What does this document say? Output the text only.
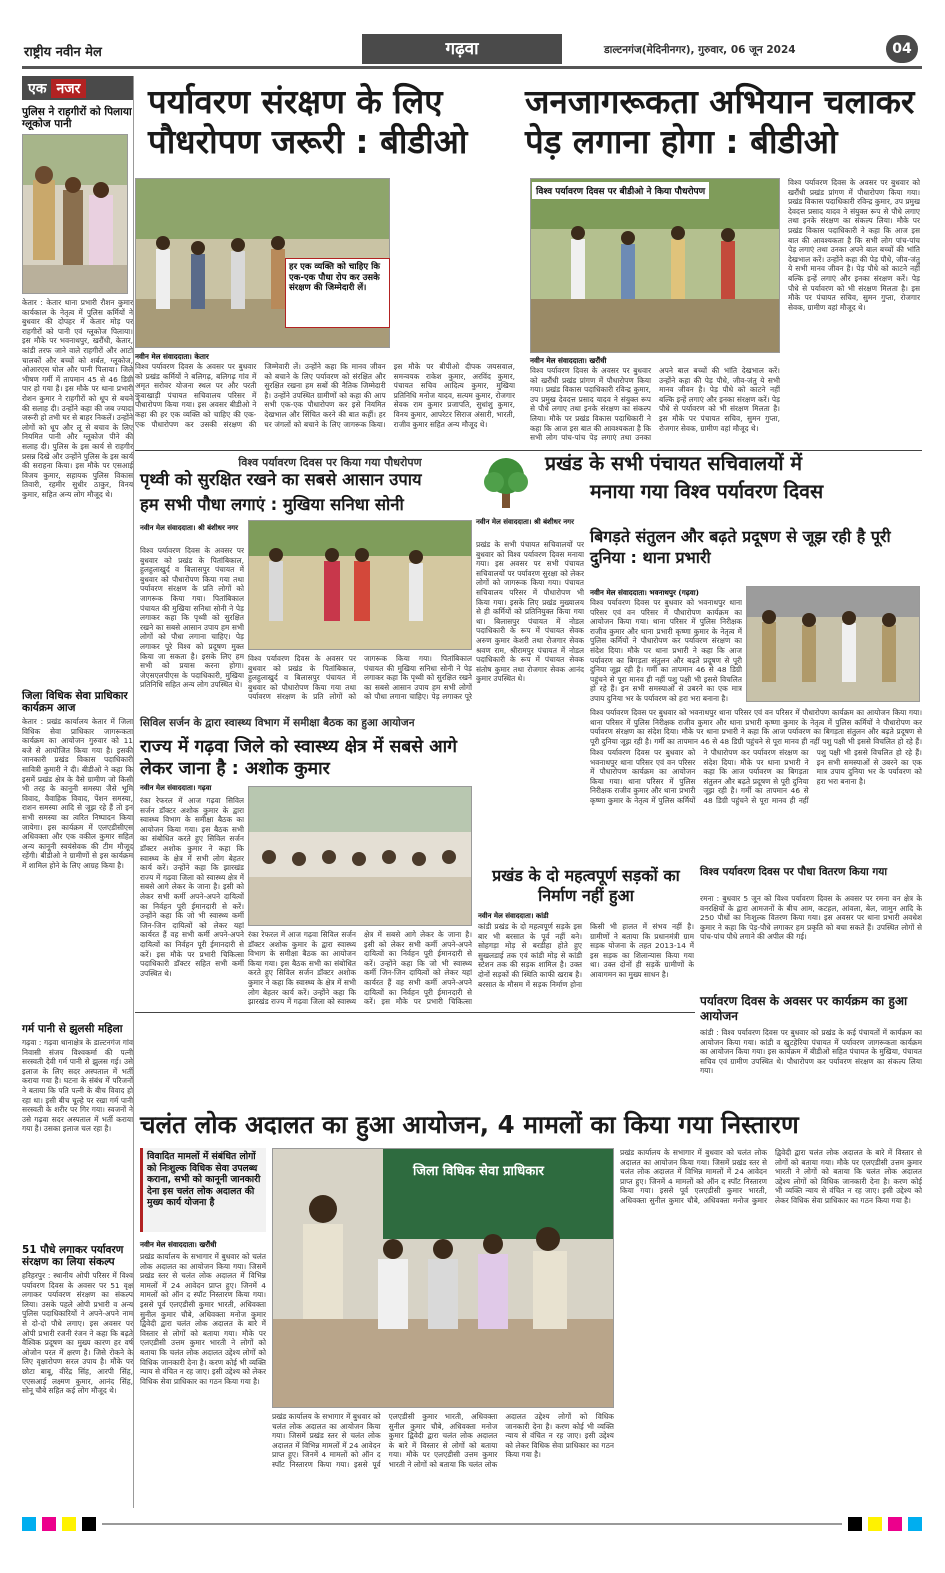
राष्ट्रीय नवीन मेल	गढ़वा	डाल्टनगंज(मेदिनीनगर), गुरुवार, 06 जून 2024	04
एक नजर
पुलिस ने राहगीरों को पिलाया ग्लूकोज पानी
केतार : केतार थाना प्रभारी रौशन कुमार कार्यकाल के नेतृत्व में पुलिस कर्मियों ने बुधवार की दोपहर में केतार मोड़ पर राहगीरों को पानी एवं ग्लूकोज पिलाया। इस मौके पर भवनाथपुर, खरौंधी, केतार, कांडी तरफ जाने वाले राहगीरों और आटो चालकों और बच्चों को शर्बत, ग्लूकोज, ओआरएस घोल और पानी पिलाया। जिले भीषण गर्मी में तापमान 45 से 46 डिग्री पार हो गया है। इस मौके पर थाना प्रभारी रोशन कुमार ने राहगीरों को धूप से बचने की सलाह दी। उन्होंने कहा की जब ज्यादा जरूरी हो तभी घर से बाहर निकलें। उन्होंने लोगों को धूप और लू से बचाव के लिए नियमित पानी और ग्लूकोज पीने की सलाह दी। पुलिस के इस कार्य से राहगीर प्रसन्न दिखे और उन्होंने पुलिस के इस कार्य की सराहना किया। इस मौके पर एसआई विजय कुमार, सहायक पुलिस विकास तिवारी, रहमीर सुधीर ठाकुर, विनय कुमार, सहित अन्य लोग मौजूद थे।
जिला विधिक सेवा प्राधिकार कार्यक्रम आज
केतार : प्रखंड कार्यालय केतार में जिला विधिक सेवा प्राधिकार जागरूकता कार्यक्रम का आयोजन गुरुवार को 11 बजे से आयोजित किया गया है। इसकी जानकारी प्रखंड विकास पदाधिकारी सावित्री कुमारी ने दी। बीडीओ ने कहा कि इसमें प्रखंड क्षेत्र के वैसे ग्रामीण जो किसी भी तरह के कानूनी समस्या जैसे भूमि विवाद, वैवाहिक विवाद, पेंशन समस्या, राशन समस्या आदि से जूझ रहे हैं तो इन सभी समस्या का त्वरित निष्पादन किया जायेगा। इस कार्यक्रम में एलएडीसीएस अधिवक्ता और एक वकील कुमार सहित अन्य कानूनी स्वयंसेवक की टीम मौजूद रहेंगी। बीडीओ ने ग्रामीणों से इस कार्यक्रम में शामिल होने के लिए आग्रह किया है।
गर्म पानी से झुलसी महिला
गढ़वा : गढ़वा थानाक्षेत्र के डाल्टनगंज गांव निवासी संजय विश्वकर्मा की पत्नी सरस्वती देवी गर्म पानी से झुलस गई। उसे इलाज के लिए सदर अस्पताल में भर्ती कराया गया है। घटना के संबंध में परिजनों ने बताया कि पति पत्नी के बीच विवाद हो रहा था। इसी बीच चूल्हे पर रखा गर्म पानी सरस्वती के शरीर पर गिर गया। स्वजनों ने उसे गढ़वा सदर अस्पताल में भर्ती कराया गया है। उसका इलाज चल रहा है।
51 पौधे लगाकर पर्यावरण संरक्षण का लिया संकल्प
हरिहरपुर : स्थानीय ओपी परिसर में विश्व पर्यावरण दिवस के अवसर पर 51 वृक्ष लगाकर पर्यावरण संरक्षण का संकल्प लिया। उसके पहले ओपी प्रभारी व अन्य पुलिस पदाधिकारियों ने अपने-अपने नाम से दो-दो पौधे लगाए। इस अवसर पर ओपी प्रभारी रजनी रंजन ने कहा कि बढ़ते वैश्विक प्रदूषण का मुख्य कारण हर वर्ष ओजोन परत में क्षरण है। जिसे रोकने के लिए वृक्षारोपण सरल उपाय है। मौके पर छोटा बाबू, वीरेंद्र सिंह, आरपी सिंह, एएसआई लक्ष्मण कुमार, आनंद सिंह, सोनू चौबे सहित कई लोग मौजूद थे।
पर्यावरण संरक्षण के लिए पौधरोपण जरूरी : बीडीओ
हर एक व्यक्ति को चाहिए कि एक-एक पौधा रोप कर उसके संरक्षण की जिम्मेदारी लें।
नवीन मेल संवाददाता। केतार
विश्व पर्यावरण दिवस के अवसर पर बुधवार को प्रखंड कर्मियों ने बलिगढ़, बलिगढ़ गांव में अमृत सरोवर योजना स्थल पर और परती कुवाखाड़ी पंचायत सचिवालय परिसर में पौधारोपण किया गया। इस अवसर बीडीओ ने कहा की हर एक व्यक्ति को चाहिए की एक-एक पौधारोपण कर उसकी संरक्षण की जिम्मेवारी लें। उन्होंने कहा कि मानव जीवन को बचाने के लिए पर्यावरण को संरक्षित और सुरक्षित रखना हम सबों की नैतिक जिम्मेदारी है। उन्होंने उपस्थित ग्रामीणों को कहा की आप सभी एक-एक पौधारोपण कर इसे नियमित देखभाल और सिंचित करने की बात कहीं। हर घर जंगलों को बचाने के लिए जागरूक किया। इस मौके पर बीपीओ दीपक जयसवाल, समन्वयक राकेश कुमार, अरविंद कुमार, पंचायत सचिव आदित्य कुमार, मुखिया प्रतिनिधि मनोज यादव, सत्यम कुमार, रोजगार सेवक राम कुमार प्रजापति, सुधांशु कुमार, विनय कुमार, आपरेटर सिराज अंसारी, भारती, राजीव कुमार सहित अन्य मौजूद थे।
जनजागरूकता अभियान चलाकर पेड़ लगाना होगा : बीडीओ
विश्व पर्यावरण दिवस पर बीडीओ ने किया पौधरोपण
नवीन मेल संवाददाता। खरौंधी
विश्व पर्यावरण दिवस के अवसर पर बुधवार को खरौंधी प्रखंड प्रांगण में पौधारोपण किया गया। प्रखंड विकास पदाधिकारी रविन्द्र कुमार, उप प्रमुख देवदत्त प्रसाद यादव ने संयुक्त रूप से पौधे लगाए तथा इनके संरक्षण का संकल्प लिया। मौके पर प्रखंड विकास पदाधिकारी ने कहा कि आज इस बात की आवश्यकता है कि सभी लोग पांच-पांच पेड़ लगाएं तथा उनका अपने बाल बच्चों की भांति देखभाल करें। उन्होंने कहा की पेड़ पौधे, जीव-जंतु ये सभी मानव जीवन है। पेड़ पौधे को काटने नहीं बल्कि इन्हें लगाएं और इनका संरक्षण करें। पेड़ पौधे से पर्यावरण को भी संरक्षण मिलता है। इस मौके पर पंचायत सचिव, सुमन गुप्ता, रोजगार सेवक, ग्रामीण वहां मौजूद थे।
विश्व पर्यावरण दिवस के अवसर पर बुधवार को खरौंधी प्रखंड प्रांगण में पौधारोपण किया गया। प्रखंड विकास पदाधिकारी रविन्द्र कुमार, उप प्रमुख देवदत्त प्रसाद यादव ने संयुक्त रूप से पौधे लगाए तथा इनके संरक्षण का संकल्प लिया। मौके पर प्रखंड विकास पदाधिकारी ने कहा कि आज इस बात की आवश्यकता है कि सभी लोग पांच-पांच पेड़ लगाएं तथा उनका अपने बाल बच्चों की भांति देखभाल करें। उन्होंने कहा की पेड़ पौधे, जीव-जंतु ये सभी मानव जीवन है। पेड़ पौधे को काटने नहीं बल्कि इन्हें लगाएं और इनका संरक्षण करें। पेड़ पौधे से पर्यावरण को भी संरक्षण मिलता है। इस मौके पर पंचायत सचिव, सुमन गुप्ता, रोजगार सेवक, ग्रामीण वहां मौजूद थे।
विश्व पर्यावरण दिवस पर किया गया पौधरोपण
पृथ्वी को सुरक्षित रखने का सबसे आसान उपाय
हम सभी पौधा लगाएं : मुखिया सनिधा सोनी
नवीन मेल संवाददाता। श्री बंशीधर नगर
विश्व पर्यावरण दिवस के अवसर पर बुधवार को प्रखंड के पितांबिकाल, हुलहुलाखुर्द व बिलासपुर पंचायत में बुधवार को पौधारोपण किया गया तथा पर्यावरण संरक्षण के प्रति लोगों को जागरूक किया गया। पितांबिकाल पंचायत की मुखिया सनिधा सोनी ने पेड़ लगाकर कहा कि पृथ्वी को सुरक्षित रखने का सबसे आसान उपाय हम सभी लोगों को पौधा लगाना चाहिए। पेड़ लगाकर पूरे विश्व को प्रदूषण मुक्त किया जा सकता है। इसके लिए हम सभी को प्रयास करना होगा। जेएसएलपीएस के पदाधिकारी, मुखिया प्रतिनिधि सहित अन्य लोग उपस्थित थे।
विश्व पर्यावरण दिवस के अवसर पर बुधवार को प्रखंड के पितांबिकाल, हुलहुलाखुर्द व बिलासपुर पंचायत में बुधवार को पौधारोपण किया गया तथा पर्यावरण संरक्षण के प्रति लोगों को जागरूक किया गया। पितांबिकाल पंचायत की मुखिया सनिधा सोनी ने पेड़ लगाकर कहा कि पृथ्वी को सुरक्षित रखने का सबसे आसान उपाय हम सभी लोगों को पौधा लगाना चाहिए। पेड़ लगाकर पूरे
प्रखंड के सभी पंचायत सचिवालयों में
मनाया गया विश्व पर्यावरण दिवस
नवीन मेल संवाददाता। श्री बंशीधर नगर
प्रखंड के सभी पंचायत सचिवालयों पर बुधवार को विश्व पर्यावरण दिवस मनाया गया। इस अवसर पर सभी पंचायत सचिवालयों पर पर्यावरण सुरक्षा को लेकर लोगों को जागरूक किया गया। पंचायत सचिवालय परिसर में पौधारोपण भी किया गया। इसके लिए प्रखंड मुख्यालय से ही कर्मियों को प्रतिनियुक्त किया गया था। बिलासपुर पंचायत में नोडल पदाधिकारी के रूप में पंचायत सेवक अरुण कुमार केशरी तथा रोजगार सेवक श्रवण राम, श्रीरामपुर पंचायत में नोडल पदाधिकारी के रूप में पंचायत सेवक संतोष कुमार तथा रोजगार सेवक आनंद कुमार उपस्थित थे।
बिगड़ते संतुलन और बढ़ते प्रदूषण से जूझ रही है पूरी दुनिया : थाना प्रभारी
नवीन मेल संवाददाता। भवनाथपुर (गढ़वा)
विश्व पर्यावरण दिवस पर बुधवार को भवनाथपुर थाना परिसर एवं वन परिसर में पौधारोपण कार्यक्रम का आयोजन किया गया। थाना परिसर में पुलिस निरीक्षक राजीव कुमार और थाना प्रभारी कृष्णा कुमार के नेतृत्व में पुलिस कर्मियों ने पौधारोपण कर पर्यावरण संरक्षण का संदेश दिया। मौके पर थाना प्रभारी ने कहा कि आज पर्यावरण का बिगड़ता संतुलन और बढ़ते प्रदूषण से पूरी दुनिया जूझ रही है। गर्मी का तापमान 46 से 48 डिग्री पहुंचने से पूरा मानव ही नहीं पशु पक्षी भी इससे विचलित हो रहे हैं। इन सभी समस्याओं से उबरने का एक मात्र उपाय दुनिया भर के पर्यावरण को हरा भरा बनाना है।
विश्व पर्यावरण दिवस पर बुधवार को भवनाथपुर थाना परिसर एवं वन परिसर में पौधारोपण कार्यक्रम का आयोजन किया गया। थाना परिसर में पुलिस निरीक्षक राजीव कुमार और थाना प्रभारी कृष्णा कुमार के नेतृत्व में पुलिस कर्मियों ने पौधारोपण कर पर्यावरण संरक्षण का संदेश दिया। मौके पर थाना प्रभारी ने कहा कि आज पर्यावरण का बिगड़ता संतुलन और बढ़ते प्रदूषण से पूरी दुनिया जूझ रही है। गर्मी का तापमान 46 से 48 डिग्री पहुंचने से पूरा मानव ही नहीं पशु पक्षी भी इससे विचलित हो रहे हैं।
विश्व पर्यावरण दिवस पर बुधवार को भवनाथपुर थाना परिसर एवं वन परिसर में पौधारोपण कार्यक्रम का आयोजन किया गया। थाना परिसर में पुलिस निरीक्षक राजीव कुमार और थाना प्रभारी कृष्णा कुमार के नेतृत्व में पुलिस कर्मियों ने पौधारोपण कर पर्यावरण संरक्षण का संदेश दिया। मौके पर थाना प्रभारी ने कहा कि आज पर्यावरण का बिगड़ता संतुलन और बढ़ते प्रदूषण से पूरी दुनिया जूझ रही है। गर्मी का तापमान 46 से 48 डिग्री पहुंचने से पूरा मानव ही नहीं पशु पक्षी भी इससे विचलित हो रहे हैं। इन सभी समस्याओं से उबरने का एक मात्र उपाय दुनिया भर के पर्यावरण को हरा भरा बनाना है।
सिविल सर्जन के द्वारा स्वास्थ्य विभाग में समीक्षा बैठक का हुआ आयोजन
राज्य में गढ़वा जिले को स्वास्थ्य क्षेत्र में सबसे आगे लेकर जाना है : अशोक कुमार
नवीन मेल संवाददाता। गढ़वा
रंका रेफरल में आज गढ़वा सिविल सर्जन डॉक्टर अशोक कुमार के द्वारा स्वास्थ्य विभाग के समीक्षा बैठक का आयोजन किया गया। इस बैठक सभी का संबोधित करते हुए सिविल सर्जन डॉक्टर अशोक कुमार ने कहा कि स्वास्थ्य के क्षेत्र में सभी लोग बेहतर कार्य करें। उन्होंने कहा कि झारखंड राज्य में गढ़वा जिला को स्वास्थ्य क्षेत्र में सबसे आगे लेकर के जाना है। इसी को लेकर सभी कर्मी अपने-अपने दायित्वों का निर्वहन पूरी ईमानदारी से करें। उन्होंने कहा कि जो भी स्वास्थ्य कर्मी जिन-जिन दायित्वों को लेकर यहां कार्यरत हैं वह सभी कर्मी अपने-अपने दायित्वों का निर्वहन पूरी ईमानदारी से करें। इस मौके पर प्रभारी चिकित्सा पदाधिकारी डॉक्टर सहित सभी कर्मी उपस्थित थे।
रंका रेफरल में आज गढ़वा सिविल सर्जन डॉक्टर अशोक कुमार के द्वारा स्वास्थ्य विभाग के समीक्षा बैठक का आयोजन किया गया। इस बैठक सभी का संबोधित करते हुए सिविल सर्जन डॉक्टर अशोक कुमार ने कहा कि स्वास्थ्य के क्षेत्र में सभी लोग बेहतर कार्य करें। उन्होंने कहा कि झारखंड राज्य में गढ़वा जिला को स्वास्थ्य क्षेत्र में सबसे आगे लेकर के जाना है। इसी को लेकर सभी कर्मी अपने-अपने दायित्वों का निर्वहन पूरी ईमानदारी से करें। उन्होंने कहा कि जो भी स्वास्थ्य कर्मी जिन-जिन दायित्वों को लेकर यहां कार्यरत हैं वह सभी कर्मी अपने-अपने दायित्वों का निर्वहन पूरी ईमानदारी से करें। इस मौके पर प्रभारी चिकित्सा
प्रखंड के दो महत्वपूर्ण सड़कों का निर्माण नहीं हुआ
नवीन मेल संवाददाता। कांडी
कांडी प्रखंड के दो महत्वपूर्ण सड़के इस बार भी बरसात के पूर्व नहीं बने। सोहगड़ा मोड़ से बरडीहा होते हुए सुखलडाई तक एवं कांडी मोड़ से कांडी स्टेशन तक की सड़क शामिल है। उक्त दोनों सड़कों की स्थिति काफी खराब है। बरसात के मौसम में सड़क निर्माण होना किसी भी हालत में संभव नहीं है। ग्रामीणों ने बताया कि प्रधानमंत्री ग्राम सड़क योजना के तहत 2013-14 में इस सड़क का शिलान्यास किया गया था। उक्त दोनों ही सड़कें ग्रामीणों के आवागमन का मुख्य साधन है।
विश्व पर्यावरण दिवस पर पौधा वितरण किया गया
रमना : बुधवार 5 जून को विश्व पर्यावरण दिवस के अवसर पर रमना वन क्षेत्र के वनरक्षियों के द्वारा आमजनों के बीच आम, कटहल, आंवला, बेल, जामुन आदि के 250 पौधों का निःशुल्क वितरण किया गया। इस अवसर पर थाना प्रभारी अवधेश कुमार ने कहा कि पेड़-पौधे लगाकर हम प्रकृति को बचा सकते हैं। उपस्थित लोगों से पांच-पांच पौधे लगाने की अपील की गई।
पर्यावरण दिवस के अवसर पर कार्यक्रम का हुआ आयोजन
कांडी : विश्व पर्यावरण दिवस पर बुधवार को प्रखंड के कई पंचायतों में कार्यक्रम का आयोजन किया गया। कांडी व खुटहेरिया पंचायत में पर्यावरण जागरूकता कार्यक्रम का आयोजन किया गया। इस कार्यक्रम में बीडीओ सहित पंचायत के मुखिया, पंचायत सचिव एवं ग्रामीण उपस्थित थे। पौधारोपण कर पर्यावरण संरक्षण का संकल्प लिया गया।
चलंत लोक अदालत का हुआ आयोजन, 4 मामलों का किया गया निस्तारण
विवादित मामलों में संबंधित लोगों को निःशुल्क विधिक सेवा उपलब्ध कराना, सभी को कानूनी जानकारी देना इस चलंत लोक अदालत की मुख्य कार्य योजना है
नवीन मेल संवाददाता। खरौंधी
प्रखंड कार्यालय के सभागार में बुधवार को चलंत लोक अदालत का आयोजन किया गया। जिसमें प्रखंड स्तर से चलंत लोक अदालत में विभिन्न मामलों में 24 आवेदन प्राप्त हुए। जिनमें 4 मामलों को ऑन द स्पॉट निस्तारण किया गया। इससे पूर्व एलएडीसी कुमार भारती, अधिवक्ता सुनील कुमार चौबे, अधिवक्ता मनोज कुमार द्विवेदी द्वारा चलंत लोक अदालत के बारे में विस्तार से लोगों को बताया गया। मौके पर एलएडीसी उत्तम कुमार भारती ने लोगों को बताया कि चलंत लोक अदालत उद्देश्य लोगों को विधिक जानकारी देना है। करण कोई भी व्यक्ति न्याय से वंचित न रह जाए। इसी उद्देश्य को लेकर विधिक सेवा प्राधिकार का गठन किया गया है।
जिला विधिक सेवा प्राधिकार
प्रखंड कार्यालय के सभागार में बुधवार को चलंत लोक अदालत का आयोजन किया गया। जिसमें प्रखंड स्तर से चलंत लोक अदालत में विभिन्न मामलों में 24 आवेदन प्राप्त हुए। जिनमें 4 मामलों को ऑन द स्पॉट निस्तारण किया गया। इससे पूर्व एलएडीसी कुमार भारती, अधिवक्ता सुनील कुमार चौबे, अधिवक्ता मनोज कुमार द्विवेदी द्वारा चलंत लोक अदालत के बारे में विस्तार से लोगों को बताया गया। मौके पर एलएडीसी उत्तम कुमार भारती ने लोगों को बताया कि चलंत लोक अदालत उद्देश्य लोगों को विधिक जानकारी देना है। करण कोई भी व्यक्ति न्याय से वंचित न रह जाए। इसी उद्देश्य को लेकर विधिक सेवा प्राधिकार का गठन किया गया है।
प्रखंड कार्यालय के सभागार में बुधवार को चलंत लोक अदालत का आयोजन किया गया। जिसमें प्रखंड स्तर से चलंत लोक अदालत में विभिन्न मामलों में 24 आवेदन प्राप्त हुए। जिनमें 4 मामलों को ऑन द स्पॉट निस्तारण किया गया। इससे पूर्व एलएडीसी कुमार भारती, अधिवक्ता सुनील कुमार चौबे, अधिवक्ता मनोज कुमार द्विवेदी द्वारा चलंत लोक अदालत के बारे में विस्तार से लोगों को बताया गया। मौके पर एलएडीसी उत्तम कुमार भारती ने लोगों को बताया कि चलंत लोक अदालत उद्देश्य लोगों को विधिक जानकारी देना है। करण कोई भी व्यक्ति न्याय से वंचित न रह जाए। इसी उद्देश्य को लेकर विधिक सेवा प्राधिकार का गठन किया गया है।
